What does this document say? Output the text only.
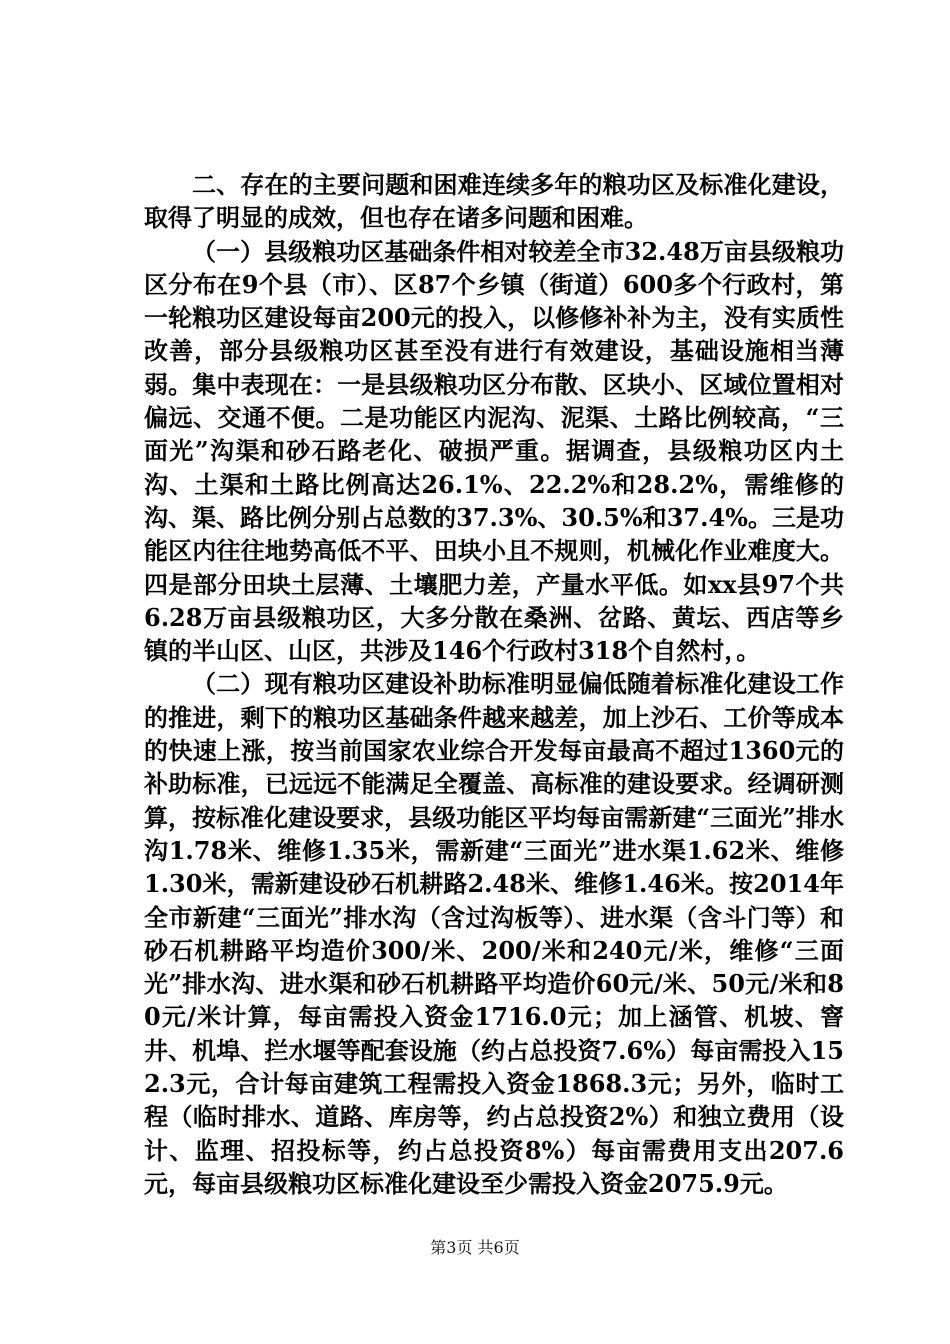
二、存在的主要问题和困难连续多年的粮功区及标准化建设，取得了明显的成效，但也存在诸多问题和困难。

（一）县级粮功区基础条件相对较差全市32.48万亩县级粮功区分布在9个县（市）、区87个乡镇（街道）600多个行政村，第一轮粮功区建设每亩200元的投入，以修修补补为主，没有实质性改善，部分县级粮功区甚至没有进行有效建设，基础设施相当薄弱。集中表现在：一是县级粮功区分布散、区块小、区域位置相对偏远、交通不便。二是功能区内泥沟、泥渠、土路比例较高，“三面光”沟渠和砂石路老化、破损严重。据调查，县级粮功区内土沟、土渠和土路比例高达26.1%、22.2%和28.2%，需维修的沟、渠、路比例分别占总数的37.3%、30.5%和37.4%。三是功能区内往往地势高低不平、田块小且不规则，机械化作业难度大。四是部分田块土层薄、土壤肥力差，产量水平低。如xx县97个共6.28万亩县级粮功区，大多分散在桑洲、岔路、黄坛、西店等乡镇的半山区、山区，共涉及146个行政村318个自然村，。

（二）现有粮功区建设补助标准明显偏低随着标准化建设工作的推进，剩下的粮功区基础条件越来越差，加上沙石、工价等成本的快速上涨，按当前国家农业综合开发每亩最高不超过1360元的补助标准，已远远不能满足全覆盖、高标准的建设要求。经调研测算，按标准化建设要求，县级功能区平均每亩需新建“三面光”排水沟1.78米、维修1.35米，需新建“三面光”进水渠1.62米、维修1.30米，需新建设砂石机耕路2.48米、维修1.46米。按2014年全市新建“三面光”排水沟（含过沟板等）、进水渠（含斗门等）和砂石机耕路平均造价300/米、200/米和240元/米，维修“三面光”排水沟、进水渠和砂石机耕路平均造价60元/米、50元/米和80元/米计算，每亩需投入资金1716.0元；加上涵管、机坡、窨井、机埠、拦水堰等配套设施（约占总投资7.6%）每亩需投入152.3元，合计每亩建筑工程需投入资金1868.3元；另外，临时工程（临时排水、道路、库房等，约占总投资2%）和独立费用（设计、监理、招投标等，约占总投资8%）每亩需费用支出207.6元，每亩县级粮功区标准化建设至少需投入资金2075.9元。

第3页 共6页
